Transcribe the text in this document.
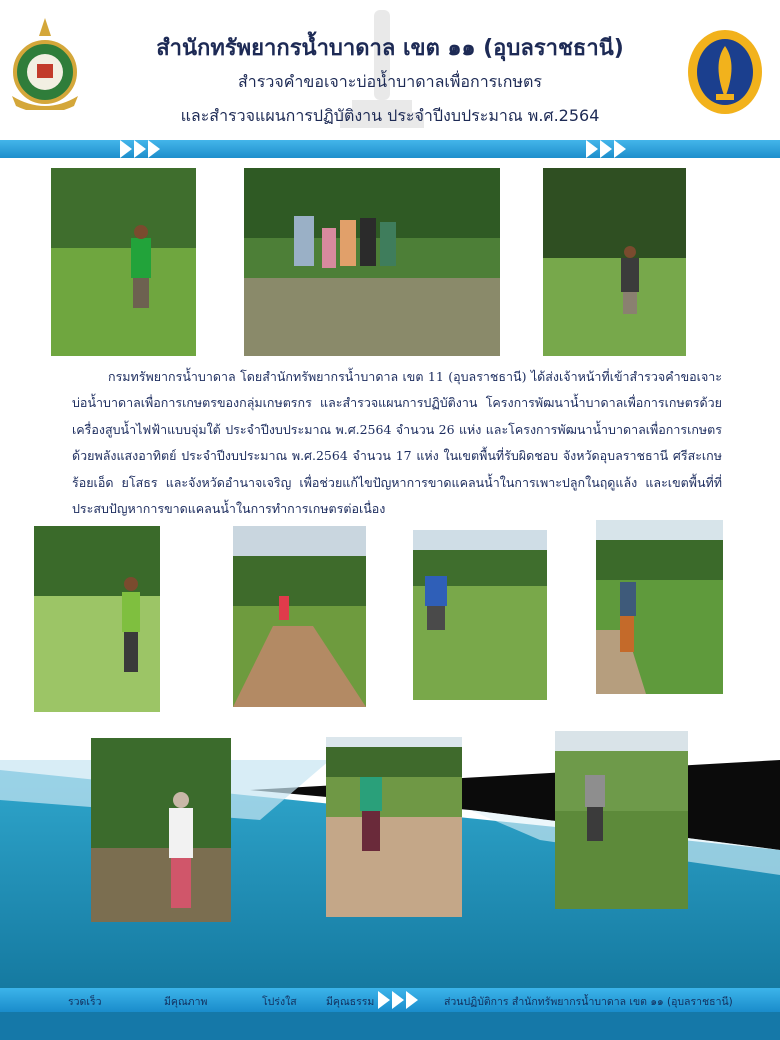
สำนักทรัพยากรน้ำบาดาล เขต ๑๑ (อุบลราชธานี)
สำรวจคำขอเจาะบ่อน้ำบาดาลเพื่อการเกษตร
และสำรวจแผนการปฏิบัติงาน ประจำปีงบประมาณ พ.ศ.2564

กรมทรัพยากรน้ำบาดาล โดยสำนักทรัพยากรน้ำบาดาล เขต 11 (อุบลราชธานี) ได้ส่งเจ้าหน้าที่เข้าสำรวจคำขอเจาะบ่อน้ำบาดาลเพื่อการเกษตรของกลุ่มเกษตรกร และสำรวจแผนการปฏิบัติงาน โครงการพัฒนาน้ำบาดาลเพื่อการเกษตรด้วยเครื่องสูบน้ำไฟฟ้าแบบจุ่มใต้ ประจำปีงบประมาณ พ.ศ.2564 จำนวน 26 แห่ง และโครงการพัฒนาน้ำบาดาลเพื่อการเกษตรด้วยพลังแสงอาทิตย์ ประจำปีงบประมาณ พ.ศ.2564 จำนวน 17 แห่ง ในเขตพื้นที่รับผิดชอบ จังหวัดอุบลราชธานี ศรีสะเกษ ร้อยเอ็ด ยโสธร และจังหวัดอำนาจเจริญ เพื่อช่วยแก้ไขปัญหาการขาดแคลนน้ำในการเพาะปลูกในฤดูแล้ง และเขตพื้นที่ที่ประสบปัญหาการขาดแคลนน้ำในการทำการเกษตรต่อเนื่อง

รวดเร็ว	มีคุณภาพ	โปร่งใส	มีคุณธรรม	ส่วนปฏิบัติการ สำนักทรัพยากรน้ำบาดาล เขต ๑๑ (อุบลราชธานี)
